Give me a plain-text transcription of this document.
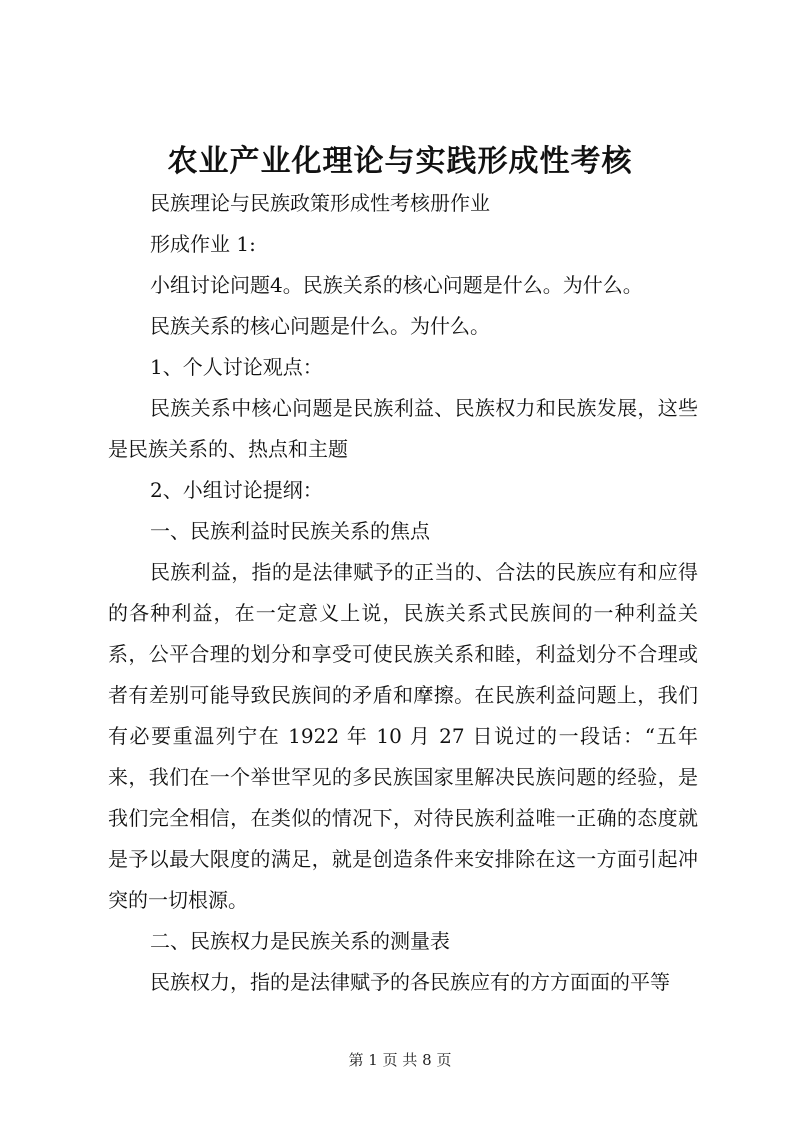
农业产业化理论与实践形成性考核

民族理论与民族政策形成性考核册作业

形成作业 1:

小组讨论问题4。民族关系的核心问题是什么。为什么。

民族关系的核心问题是什么。为什么。

1、个人讨论观点：

民族关系中核心问题是民族利益、民族权力和民族发展，这些是民族关系的、热点和主题

2、小组讨论提纲：

一、民族利益时民族关系的焦点

民族利益，指的是法律赋予的正当的、合法的民族应有和应得的各种利益，在一定意义上说，民族关系式民族间的一种利益关系，公平合理的划分和享受可使民族关系和睦，利益划分不合理或者有差别可能导致民族间的矛盾和摩擦。在民族利益问题上，我们有必要重温列宁在 1922 年 10 月 27 日说过的一段话：“五年来，我们在一个举世罕见的多民族国家里解决民族问题的经验，是我们完全相信，在类似的情况下，对待民族利益唯一正确的态度就是予以最大限度的满足，就是创造条件来安排除在这一方面引起冲突的一切根源。

二、民族权力是民族关系的测量表

民族权力，指的是法律赋予的各民族应有的方方面面的平等

第 1 页 共 8 页
